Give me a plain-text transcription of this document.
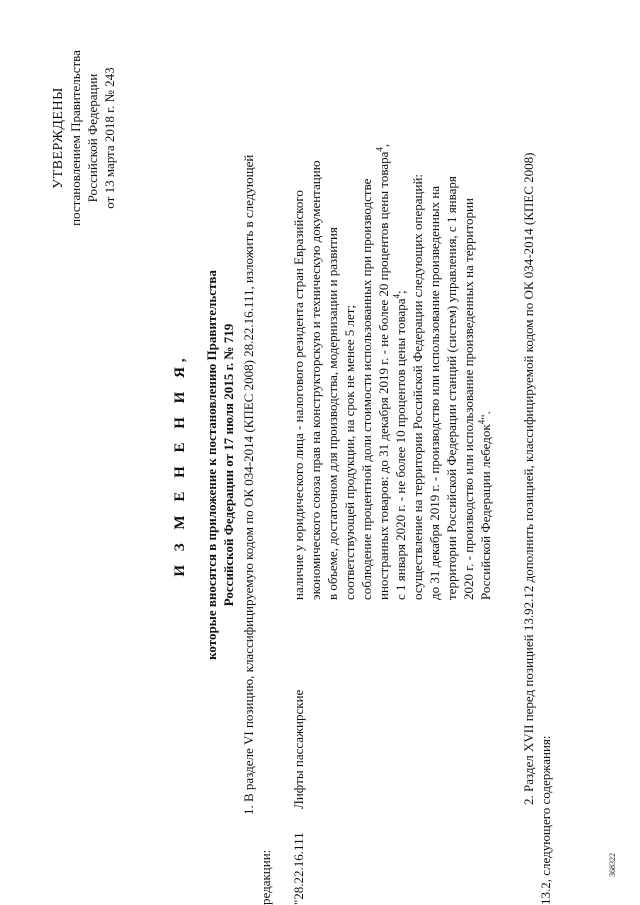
УТВЕРЖДЕНЫ постановлением Правительства Российской Федерации от 13 марта 2018 г. № 243
И З М Е Н Е Н И Я, которые вносятся в приложение к постановлению Правительства Российской Федерации от 17 июля 2015 г. № 719 1. В разделе VI позицию, классифицируемую кодом по ОК 034-2014 (КПЕС 2008) 28.22.16.111, изложить в следующей
редакции: "28.22.16.111
Лифты пассажирские

наличие у юридического лица - налогового резидента стран Евразийского экономического союза прав на конструкторскую и техническую документацию в объеме, достаточном для производства, модернизации и развития соответствующей продукции, на срок не менее 5 лет; соблюдение процентной доли стоимости использованных при производстве иностранных товаров: до 31 декабря 2019 г. - не более 20 процентов цены товара$^4$,

с 1 января 2020 г. - не более 10 процентов цены товара$^4$; осуществление на территории Российской Федерации следующих операций: до 31 декабря 2019 г. - производство или использование произведенных на территории Российской Федерации станций (систем) управления, с 1 января 2020 г. - производство или использование произведенных на территории Российской Федерации лебедок$^4$". 2. Раздел XVII перед позицией 13.92.12 дополнить позицией, классифицируемой кодом по ОК 034-2014 (КПЕС 2008)
13.2, следующего содержания:	368322
